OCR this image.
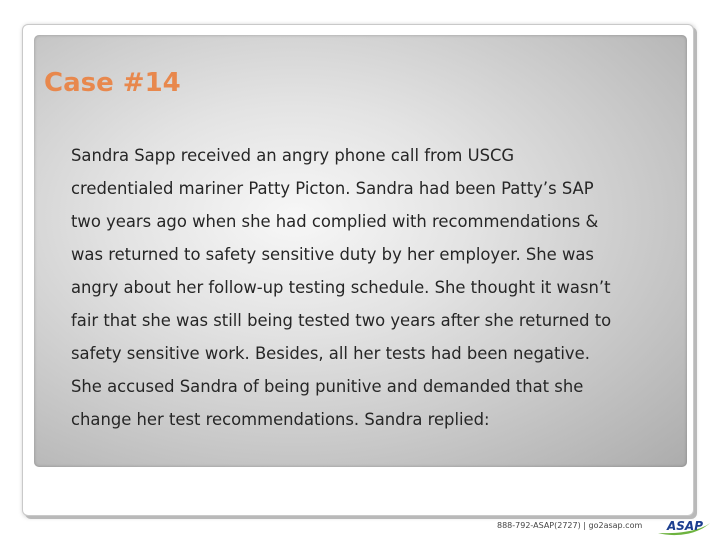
Case #14
Sandra Sapp received an angry phone call from USCG
credentialed mariner Patty Picton. Sandra had been Patty’s SAP
two years ago when she had complied with recommendations &
was returned to safety sensitive duty by her employer. She was
angry about her follow-up testing schedule. She thought it wasn’t
fair that she was still being tested two years after she returned to
safety sensitive work. Besides, all her tests had been negative.
She accused Sandra of being punitive and demanded that she
change her test recommendations. Sandra replied:
888-792-ASAP(2727) | go2asap.com ASAP
